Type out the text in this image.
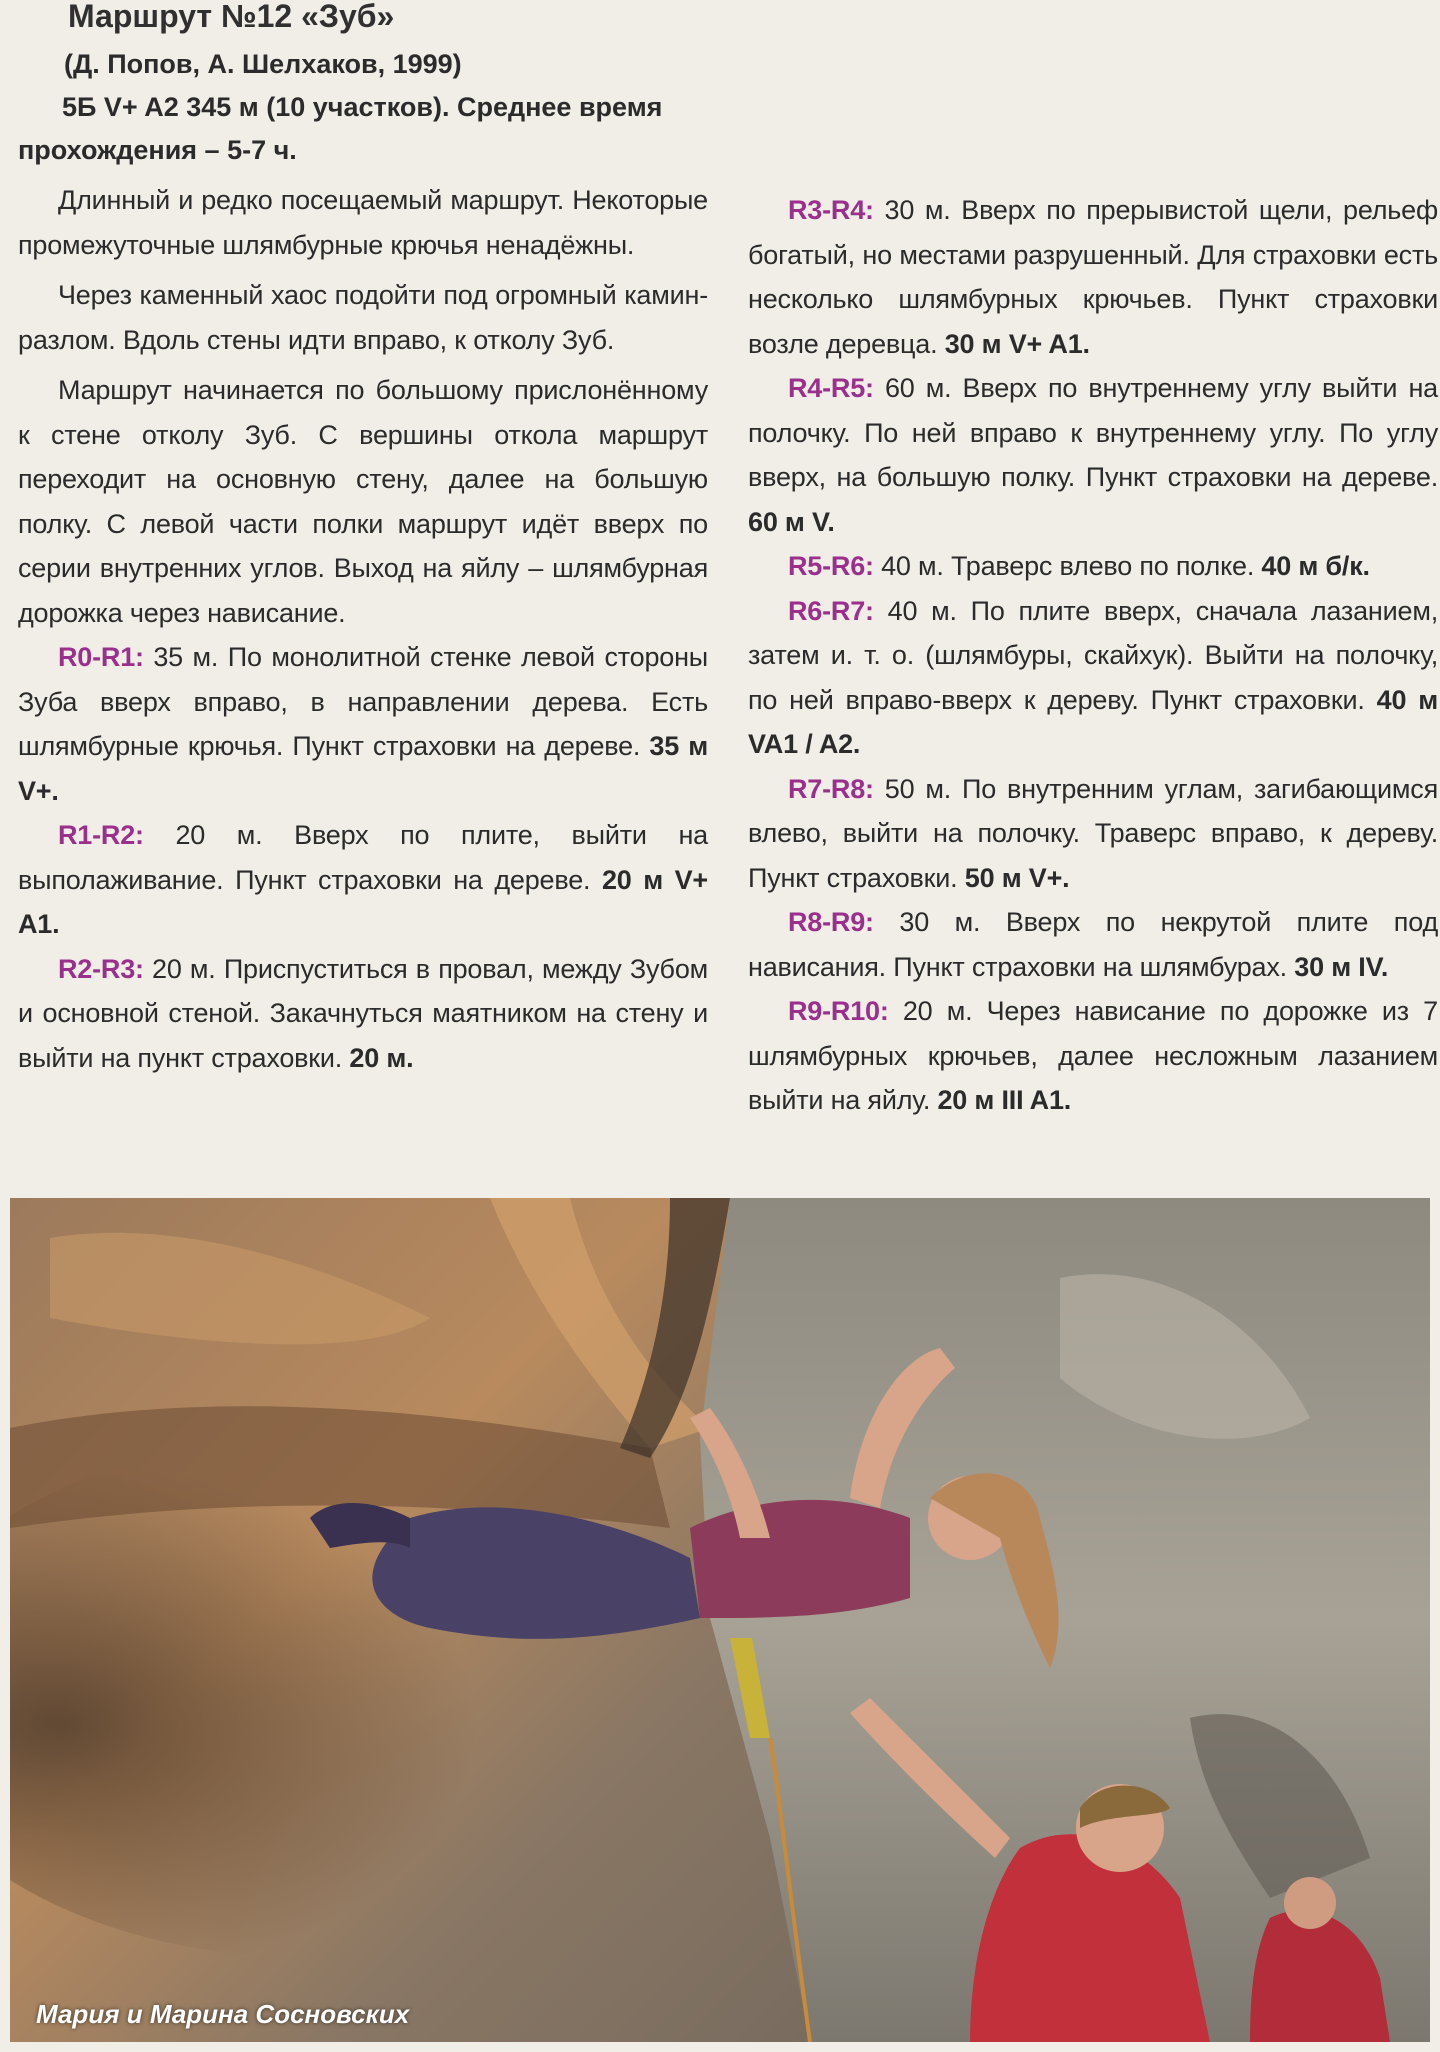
Маршрут №12 «Зуб»
(Д. Попов, А. Шелхаков, 1999)
5Б V+ A2 345 м (10 участков). Среднее время прохождения – 5-7 ч.

Длинный и редко посещаемый маршрут. Некоторые промежуточные шлямбурные крючья ненадёжны.

Через каменный хаос подойти под огромный камин-разлом. Вдоль стены идти вправо, к отколу Зуб.

Маршрут начинается по большому прислонённому к стене отколу Зуб. С вершины откола маршрут переходит на основную стену, далее на большую полку. С левой части полки маршрут идёт вверх по серии внутренних углов. Выход на яйлу – шлямбурная дорожка через нависание.

R0-R1: 35 м. По монолитной стенке левой стороны Зуба вверх вправо, в направлении дерева. Есть шлямбурные крючья. Пункт страховки на дереве. 35 м V+.

R1-R2: 20 м. Вверх по плите, выйти на выполаживание. Пункт страховки на дереве. 20 м V+ A1.

R2-R3: 20 м. Приспуститься в провал, между Зубом и основной стеной. Закачнуться маятником на стену и выйти на пункт страховки. 20 м.

R3-R4: 30 м. Вверх по прерывистой щели, рельеф богатый, но местами разрушенный. Для страховки есть несколько шлямбурных крючьев. Пункт страховки возле деревца. 30 м V+ A1.

R4-R5: 60 м. Вверх по внутреннему углу выйти на полочку. По ней вправо к внутреннему углу. По углу вверх, на большую полку. Пункт страховки на дереве. 60 м V.

R5-R6: 40 м. Траверс влево по полке. 40 м б/к.

R6-R7: 40 м. По плите вверх, сначала лазанием, затем и. т. о. (шлямбуры, скайхук). Выйти на полочку, по ней вправо-вверх к дереву. Пункт страховки. 40 м VA1 / A2.

R7-R8: 50 м. По внутренним углам, загибающимся влево, выйти на полочку. Траверс вправо, к дереву. Пункт страховки. 50 м V+.

R8-R9: 30 м. Вверх по некрутой плите под нависания. Пункт страховки на шлямбурах. 30 м IV.

R9-R10: 20 м. Через нависание по дорожке из 7 шлямбурных крючьев, далее несложным лазанием выйти на яйлу. 20 м III A1.

Мария и Марина Сосновских
